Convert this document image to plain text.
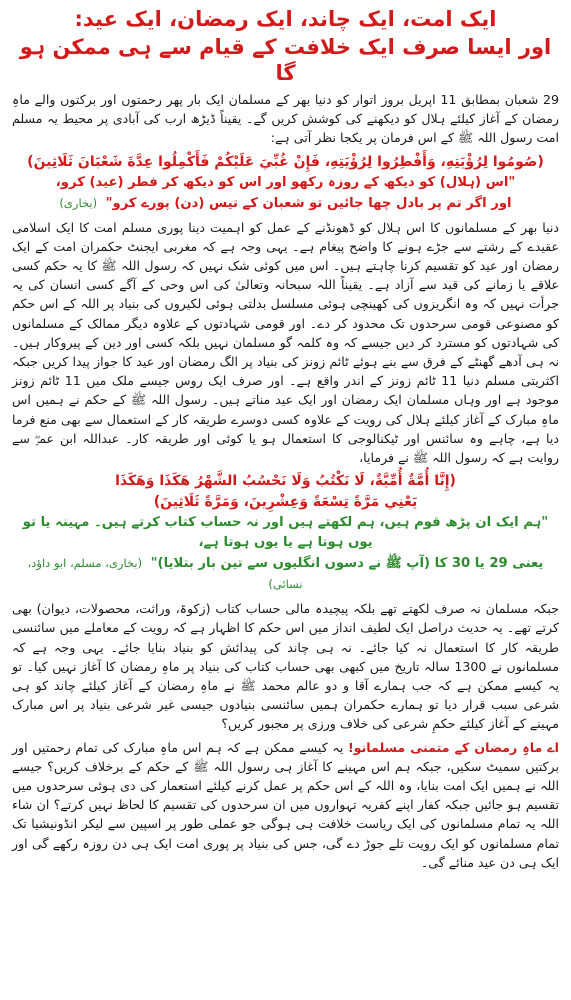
ایک امت، ایک چاند، ایک رمضان، ایک عید:
اور ایسا صرف ایک خلافت کے قیام سے ہی ممکن ہو گا

29 شعبان بمطابق 11 اپریل بروز اتوار کو دنیا بھر کے مسلمان ایک بار پھر رحمتوں اور برکتوں والے ماہِ رمضان کے آغاز کیلئے ہلال کو دیکھنے کی کوشش کریں گے۔ یقیناً ڈیڑھ ارب کی آبادی پر محیط یہ مسلم امت رسول اللہ ﷺ کے اس فرمان پر یکجا نظر آتی ہے:

(صُومُوا لِرُؤْيَتِهِ، وَأَفْطِرُوا لِرُؤْيَتِهِ، فَإِنْ غُبِّيَ عَلَيْكُمْ فَأَكْمِلُوا عِدَّةَ شَعْبَانَ ثَلَاثِينَ)
"اس (ہلال) کو دیکھ کے روزہ رکھو اور اس کو دیکھ کر فطر (عید) کرو،
اور اگر تم پر بادل چھا جائیں تو شعبان کے تیس (دن) پورے کرو" (بخاری)

دنیا بھر کے مسلمانوں کا اس ہلال کو ڈھونڈنے کے عمل کو اہمیت دینا پوری مسلم امت کا ایک اسلامی عقیدے کے رشتے سے جڑے ہونے کا واضح پیغام ہے۔ یہی وجہ ہے کہ مغربی ایجنٹ حکمران امت کے ایک رمضان اور عید کو تقسیم کرنا چاہتے ہیں۔ اس میں کوئی شک نہیں کہ رسول اللہ ﷺ کا یہ حکم کسی علاقے یا زمانے کی قید سے آزاد ہے۔ یقیناً اللہ سبحانہ وتعالیٰ کی اس وحی کے آگے کسی انسان کی یہ جرأت نہیں کہ وہ انگریزوں کی کھینچی ہوئی مسلسل بدلتی ہوئی لکیروں کی بنیاد پر اللہ کے اس حکم کو مصنوعی قومی سرحدوں تک محدود کر دے۔ اور قومی شہادتوں کے علاوہ دیگر ممالک کے مسلمانوں کی شہادتوں کو مسترد کر دیں جیسے کہ وہ کلمہ گو مسلمان نہیں بلکہ کسی اور دین کے پیروکار ہیں۔ نہ ہی آدھے گھنٹے کے فرق سے بنے ہوئے ٹائم زونز کی بنیاد پر الگ رمضان اور عید کا جواز پیدا کریں جبکہ اکثریتی مسلم دنیا 11 ٹائم زونز کے اندر واقع ہے۔ اور صرف ایک روس جیسے ملک میں 11 ٹائم زونز موجود ہے اور وہاں مسلمان ایک رمضان اور ایک عید مناتے ہیں۔ رسول اللہ ﷺ کے حکم نے ہمیں اس ماہِ مبارک کے آغاز کیلئے ہلال کی رویت کے علاوہ کسی دوسرے طریقہ کار کے استعمال سے بھی منع فرما دیا ہے، چاہے وہ سائنس اور ٹیکنالوجی کا استعمال ہو یا کوئی اور طریقہ کار۔ عبداللہ ابن عمرؓ سے روایت ہے کہ رسول اللہ ﷺ نے فرمایا،

(إِنَّا أُمَّةٌ أُمِّيَّةٌ، لَا نَكْتُبُ وَلَا نَحْسُبُ الشَّهْرُ هَكَذَا وَهَكَذَا
يَعْنِي مَرَّةً تِسْعَةً وَعِشْرِينَ، وَمَرَّةً ثَلَاثِينَ)
"ہم ایک ان پڑھ قوم ہیں، ہم لکھتے ہیں اور نہ حساب کتاب کرتے ہیں۔ مہینہ یا تو یوں ہوتا ہے یا یوں ہوتا ہے،
یعنی 29 یا 30 کا (آپ ﷺ نے دسوں انگلیوں سے تین بار بتلایا)" (بخاری، مسلم، ابو داؤد، نسائی)

جبکہ مسلمان نہ صرف لکھتے تھے بلکہ پیچیدہ مالی حساب کتاب (زکوۃ، وراثت، محصولات، دیوان) بھی کرتے تھے۔ یہ حدیث دراصل ایک لطیف انداز میں اس حکم کا اظہار ہے کہ رویت کے معاملے میں سائنسی طریقہ کار کا استعمال نہ کیا جائے۔ نہ ہی چاند کی پیدائش کو بنیاد بنایا جائے۔ یہی وجہ ہے کہ مسلمانوں نے 1300 سالہ تاریخ میں کبھی بھی حساب کتاب کی بنیاد پر ماہِ رمضان کا آغاز نہیں کیا۔ تو یہ کیسے ممکن ہے کہ جب ہمارے آقا و دو عالم محمد ﷺ نے ماہِ رمضان کے آغاز کیلئے چاند کو ہی شرعی سبب قرار دیا تو ہمارے حکمران ہمیں سائنسی بنیادوں جیسی غیر شرعی بنیاد پر اس مبارک مہینے کے آغاز کیلئے حکمِ شرعی کی خلاف ورزی پر مجبور کریں؟

اے ماہِ رمضان کے متمنی مسلمانو! یہ کیسے ممکن ہے کہ ہم اس ماہِ مبارک کی تمام رحمتیں اور برکتیں سمیٹ سکیں، جبکہ ہم اس مہینے کا آغاز ہی رسول اللہ ﷺ کے حکم کے برخلاف کریں؟ جیسے اللہ نے ہمیں ایک امت بنایا، وہ اللہ کے اس حکم پر عمل کرنے کیلئے استعمار کی دی ہوئی سرحدوں میں تقسیم ہو جائیں جبکہ کفار اپنے کفریہ تہواروں میں ان سرحدوں کی تقسیم کا لحاظ نہیں کرتے؟ ان شاء اللہ یہ تمام مسلمانوں کی ایک ریاست خلافت ہی ہوگی جو عملی طور پر اسپین سے لیکر انڈونیشیا تک تمام مسلمانوں کو ایک رویت تلے جوڑ دے گی، جس کی بنیاد پر پوری امت ایک ہی دن روزہ رکھے گی اور ایک ہی دن عید منائے گی۔
